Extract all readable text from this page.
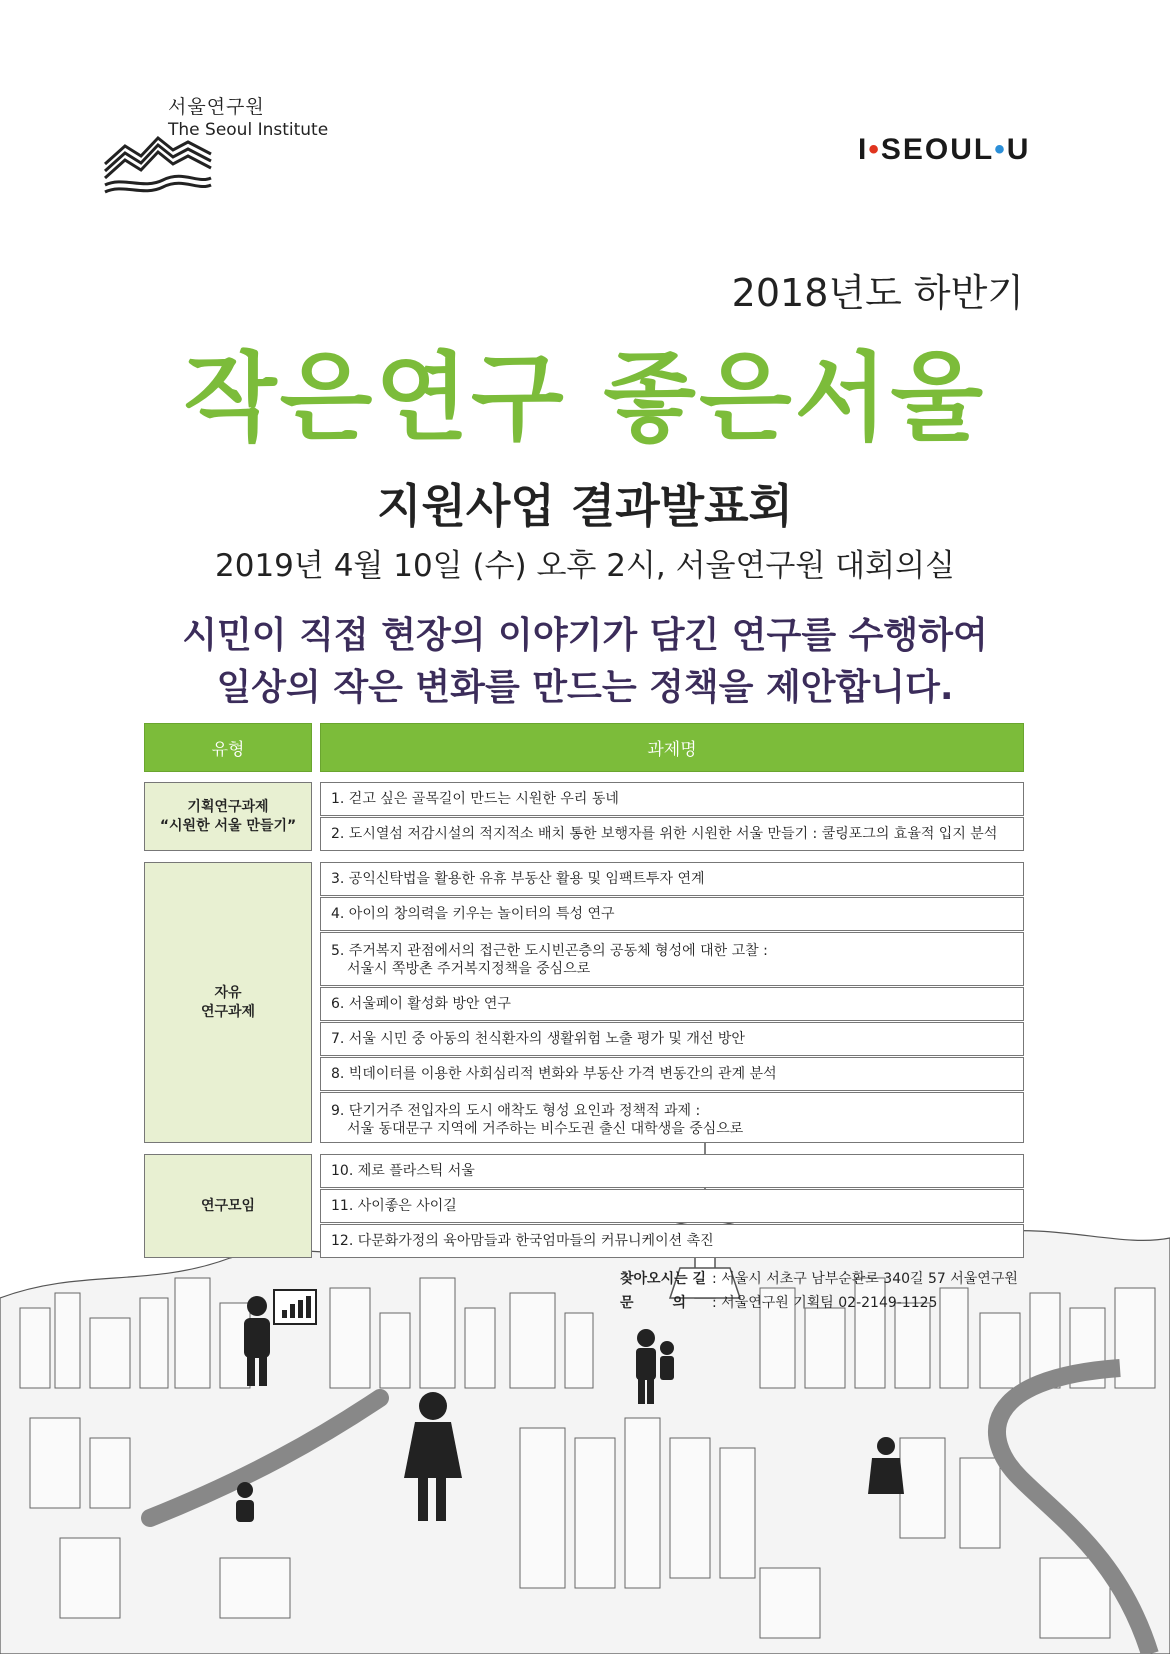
서울연구원
The Seoul Institute
I•SEOUL•U
2018년도 하반기
작은연구 좋은서울
지원사업 결과발표회
2019년 4월 10일 (수) 오후 2시, 서울연구원 대회의실
시민이 직접 현장의 이야기가 담긴 연구를 수행하여
일상의 작은 변화를 만드는 정책을 제안합니다.
유형	과제명
기획연구과제
“시원한 서울 만들기”
1. 걷고 싶은 골목길이 만드는 시원한 우리 동네
2. 도시열섬 저감시설의 적지적소 배치 통한 보행자를 위한 시원한 서울 만들기 : 쿨링포그의 효율적 입지 분석
자유
연구과제
3. 공익신탁법을 활용한 유휴 부동산 활용 및 임팩트투자 연계
4. 아이의 창의력을 키우는 놀이터의 특성 연구
5. 주거복지 관점에서의 접근한 도시빈곤층의 공동체 형성에 대한 고찰 :
서울시 쪽방촌 주거복지정책을 중심으로
6. 서울페이 활성화 방안 연구
7. 서울 시민 중 아동의 천식환자의 생활위험 노출 평가 및 개선 방안
8. 빅데이터를 이용한 사회심리적 변화와 부동산 가격 변동간의 관계 분석
9. 단기거주 전입자의 도시 애착도 형성 요인과 정책적 과제 :
서울 동대문구 지역에 거주하는 비수도권 출신 대학생을 중심으로
연구모임
10. 제로 플라스틱 서울
11. 사이좋은 사이길
12. 다문화가정의 육아맘들과 한국엄마들의 커뮤니케이션 촉진
찾아오시는 길 : 서울시 서초구 남부순환로 340길 57 서울연구원
문        의 : 서울연구원 기획팀 02-2149-1125
